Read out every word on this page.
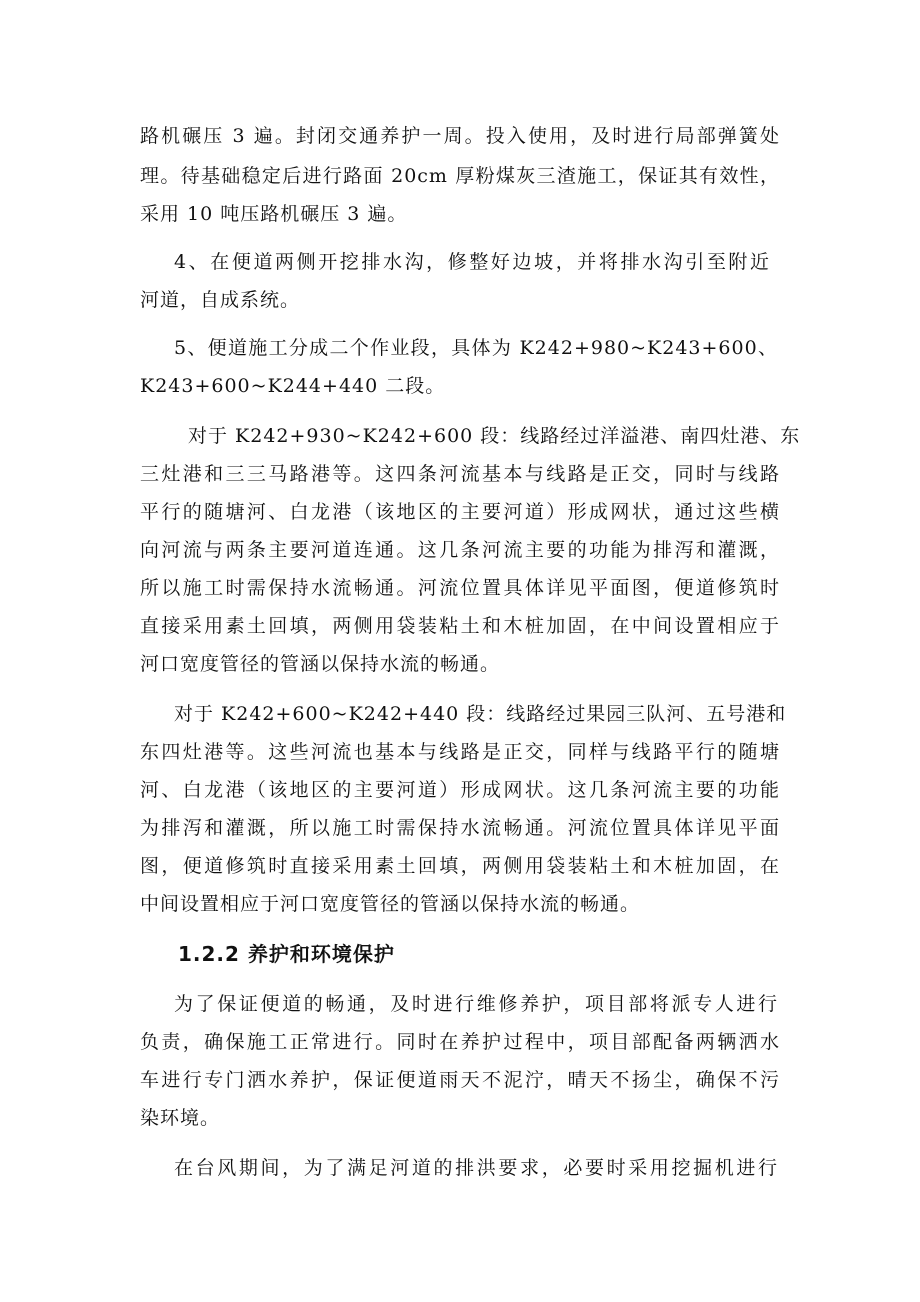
路机碾压 3 遍。封闭交通养护一周。投入使用，及时进行局部弹簧处
理。待基础稳定后进行路面 20cm 厚粉煤灰三渣施工，保证其有效性，
采用 10 吨压路机碾压 3 遍。
4、在便道两侧开挖排水沟，修整好边坡，并将排水沟引至附近
河道，自成系统。
5、便道施工分成二个作业段，具体为 K242+980~K243+600、
K243+600~K244+440 二段。
对于 K242+930~K242+600 段：线路经过洋溢港、南四灶港、东
三灶港和三三马路港等。这四条河流基本与线路是正交，同时与线路
平行的随塘河、白龙港（该地区的主要河道）形成网状，通过这些横
向河流与两条主要河道连通。这几条河流主要的功能为排泻和灌溉，
所以施工时需保持水流畅通。河流位置具体详见平面图，便道修筑时
直接采用素土回填，两侧用袋装粘土和木桩加固，在中间设置相应于
河口宽度管径的管涵以保持水流的畅通。
对于 K242+600~K242+440 段：线路经过果园三队河、五号港和
东四灶港等。这些河流也基本与线路是正交，同样与线路平行的随塘
河、白龙港（该地区的主要河道）形成网状。这几条河流主要的功能
为排泻和灌溉，所以施工时需保持水流畅通。河流位置具体详见平面
图，便道修筑时直接采用素土回填，两侧用袋装粘土和木桩加固，在
中间设置相应于河口宽度管径的管涵以保持水流的畅通。
1.2.2 养护和环境保护
为了保证便道的畅通，及时进行维修养护，项目部将派专人进行
负责，确保施工正常进行。同时在养护过程中，项目部配备两辆洒水
车进行专门洒水养护，保证便道雨天不泥泞，晴天不扬尘，确保不污
染环境。
在台风期间，为了满足河道的排洪要求，必要时采用挖掘机进行
